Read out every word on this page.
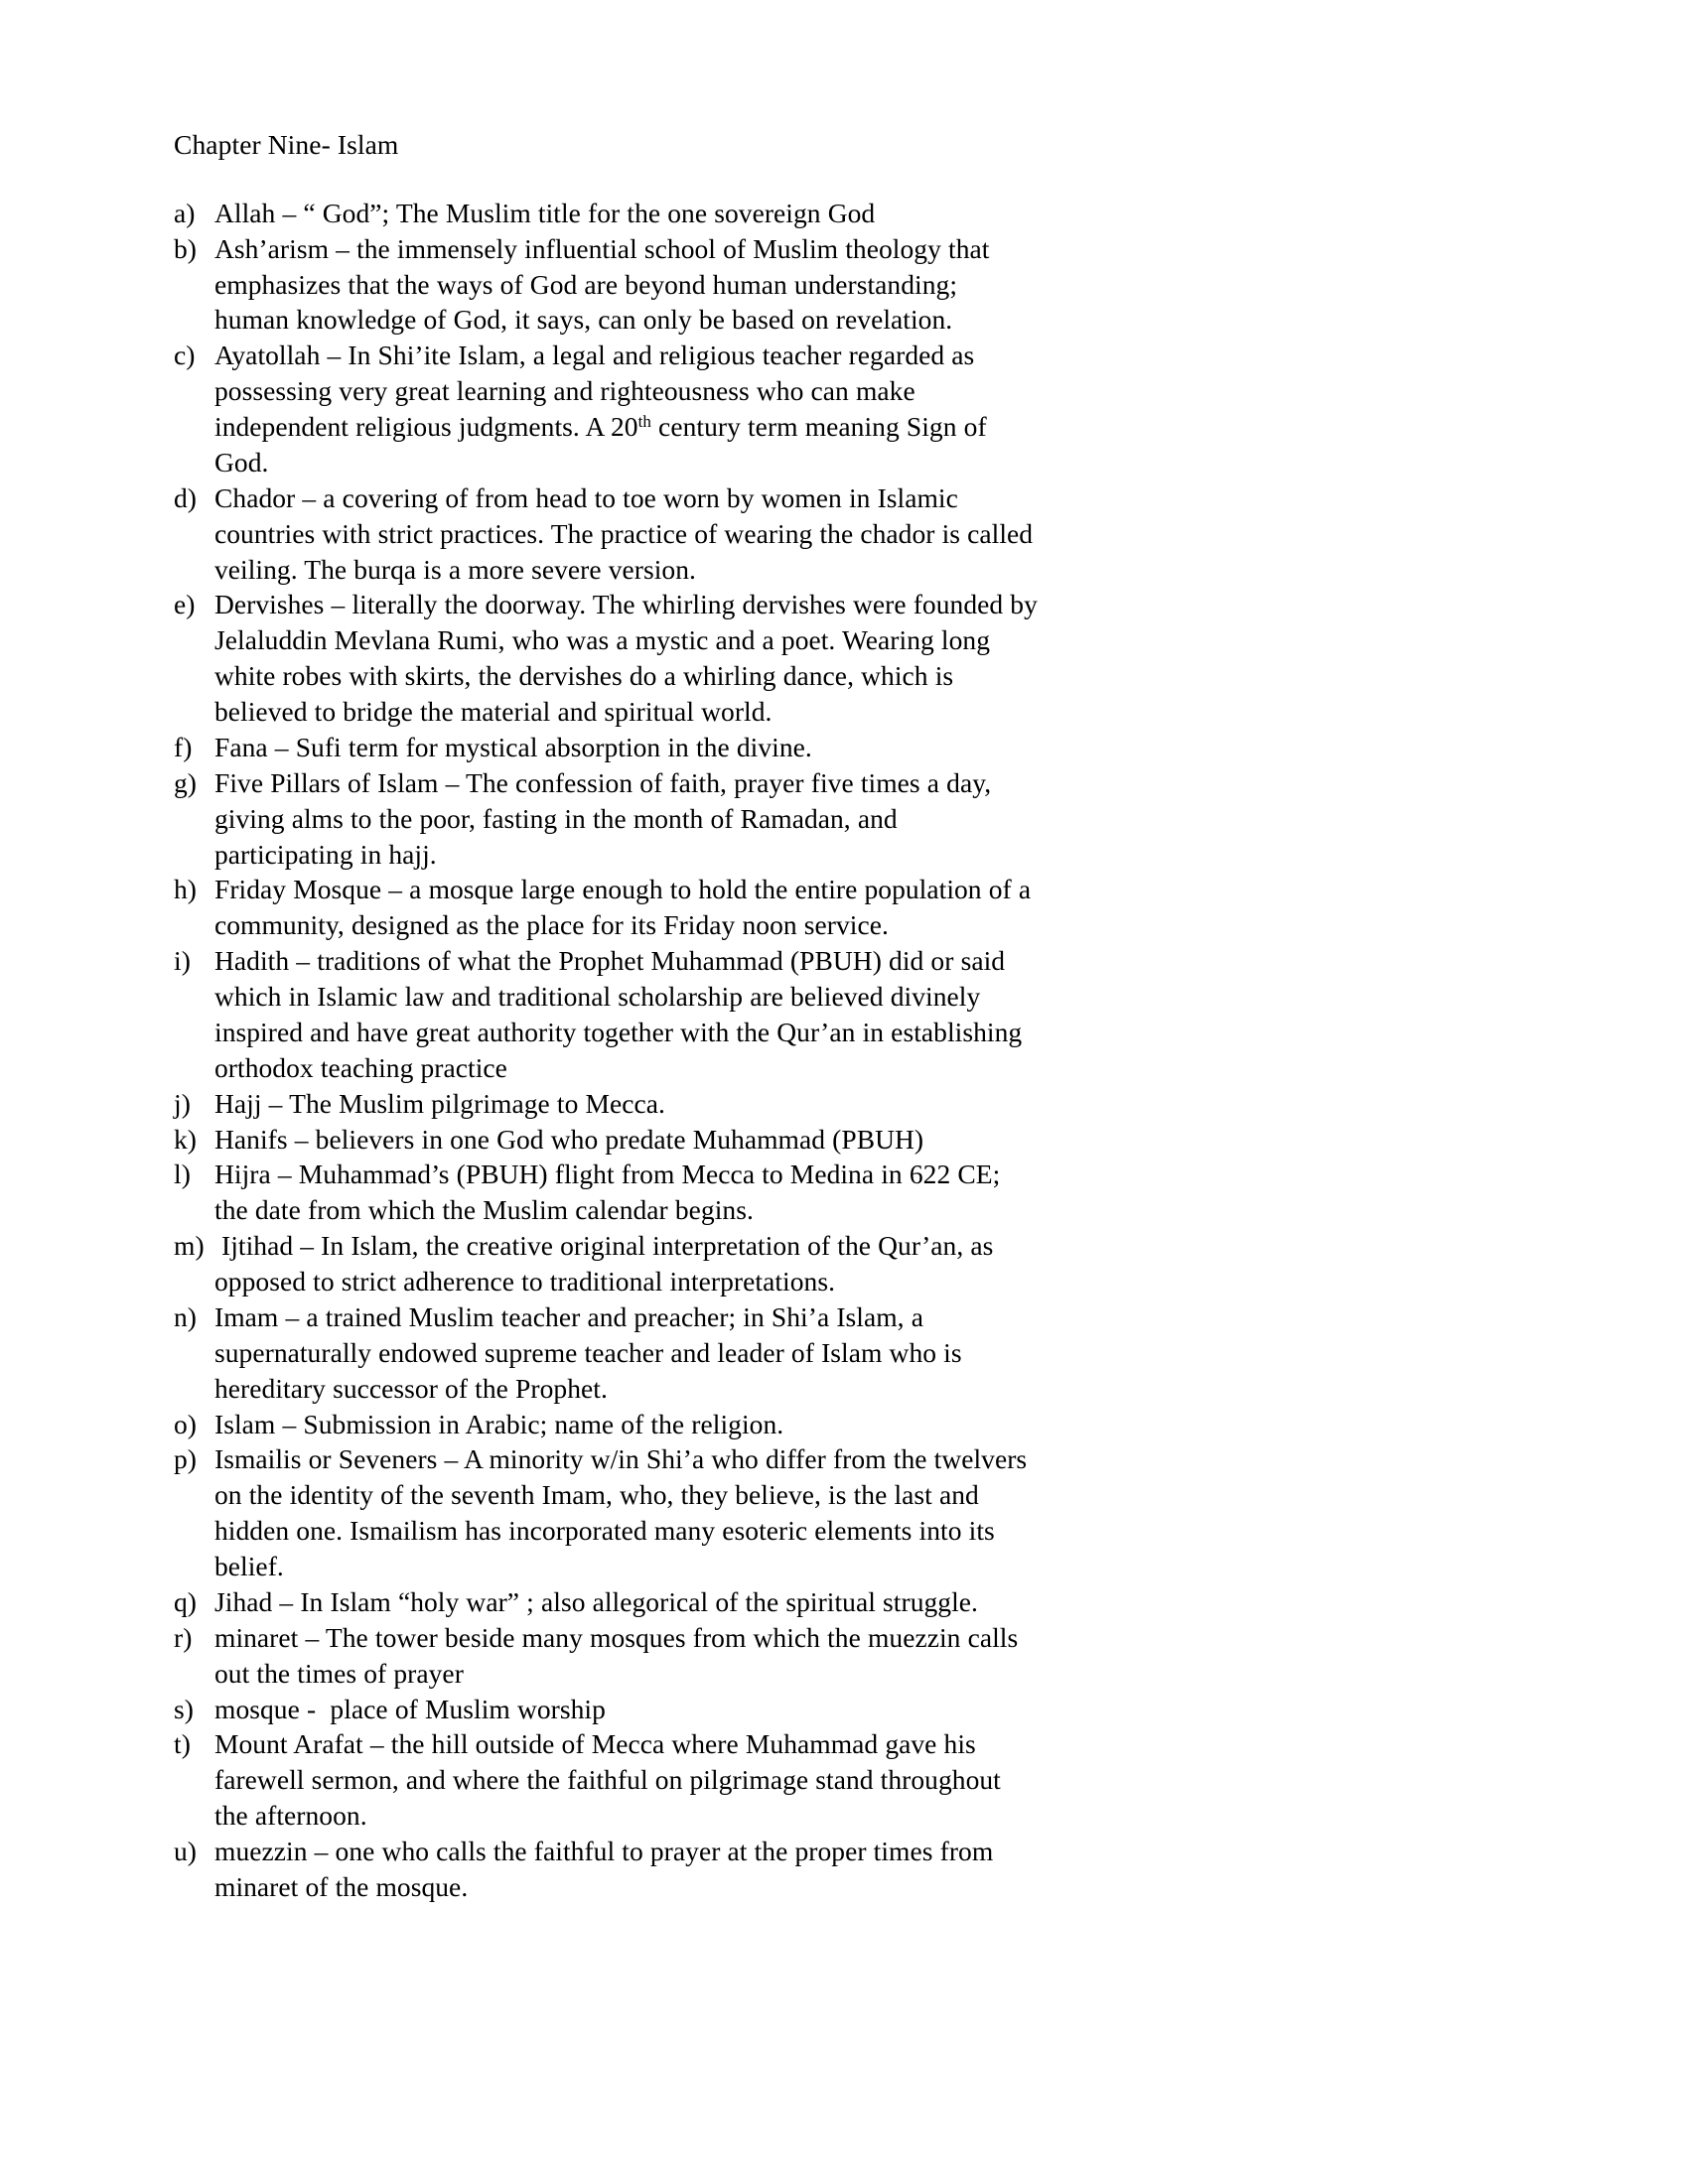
Chapter Nine- Islam
a) Allah – “ God”; The Muslim title for the one sovereign God
b) Ash’arism – the immensely influential school of Muslim theology that emphasizes that the ways of God are beyond human understanding; human knowledge of God, it says, can only be based on revelation.
c) Ayatollah – In Shi’ite Islam, a legal and religious teacher regarded as possessing very great learning and righteousness who can make independent religious judgments. A 20th century term meaning Sign of God.
d) Chador – a covering of from head to toe worn by women in Islamic countries with strict practices. The practice of wearing the chador is called veiling. The burqa is a more severe version.
e) Dervishes – literally the doorway. The whirling dervishes were founded by Jelaluddin Mevlana Rumi, who was a mystic and a poet. Wearing long white robes with skirts, the dervishes do a whirling dance, which is believed to bridge the material and spiritual world.
f) Fana – Sufi term for mystical absorption in the divine.
g) Five Pillars of Islam – The confession of faith, prayer five times a day, giving alms to the poor, fasting in the month of Ramadan, and participating in hajj.
h) Friday Mosque – a mosque large enough to hold the entire population of a community, designed as the place for its Friday noon service.
i) Hadith – traditions of what the Prophet Muhammad (PBUH) did or said which in Islamic law and traditional scholarship are believed divinely inspired and have great authority together with the Qur’an in establishing orthodox teaching practice
j) Hajj – The Muslim pilgrimage to Mecca.
k) Hanifs – believers in one God who predate Muhammad (PBUH)
l) Hijra – Muhammad’s (PBUH) flight from Mecca to Medina in 622 CE; the date from which the Muslim calendar begins.
m) Ijtihad – In Islam, the creative original interpretation of the Qur’an, as opposed to strict adherence to traditional interpretations.
n) Imam – a trained Muslim teacher and preacher; in Shi’a Islam, a supernaturally endowed supreme teacher and leader of Islam who is hereditary successor of the Prophet.
o) Islam – Submission in Arabic; name of the religion.
p) Ismailis or Seveners – A minority w/in Shi’a who differ from the twelvers on the identity of the seventh Imam, who, they believe, is the last and hidden one. Ismailism has incorporated many esoteric elements into its belief.
q) Jihad – In Islam “holy war” ; also allegorical of the spiritual struggle.
r) minaret – The tower beside many mosques from which the muezzin calls out the times of prayer
s) mosque -  place of Muslim worship
t) Mount Arafat – the hill outside of Mecca where Muhammad gave his farewell sermon, and where the faithful on pilgrimage stand throughout the afternoon.
u) muezzin – one who calls the faithful to prayer at the proper times from minaret of the mosque.
